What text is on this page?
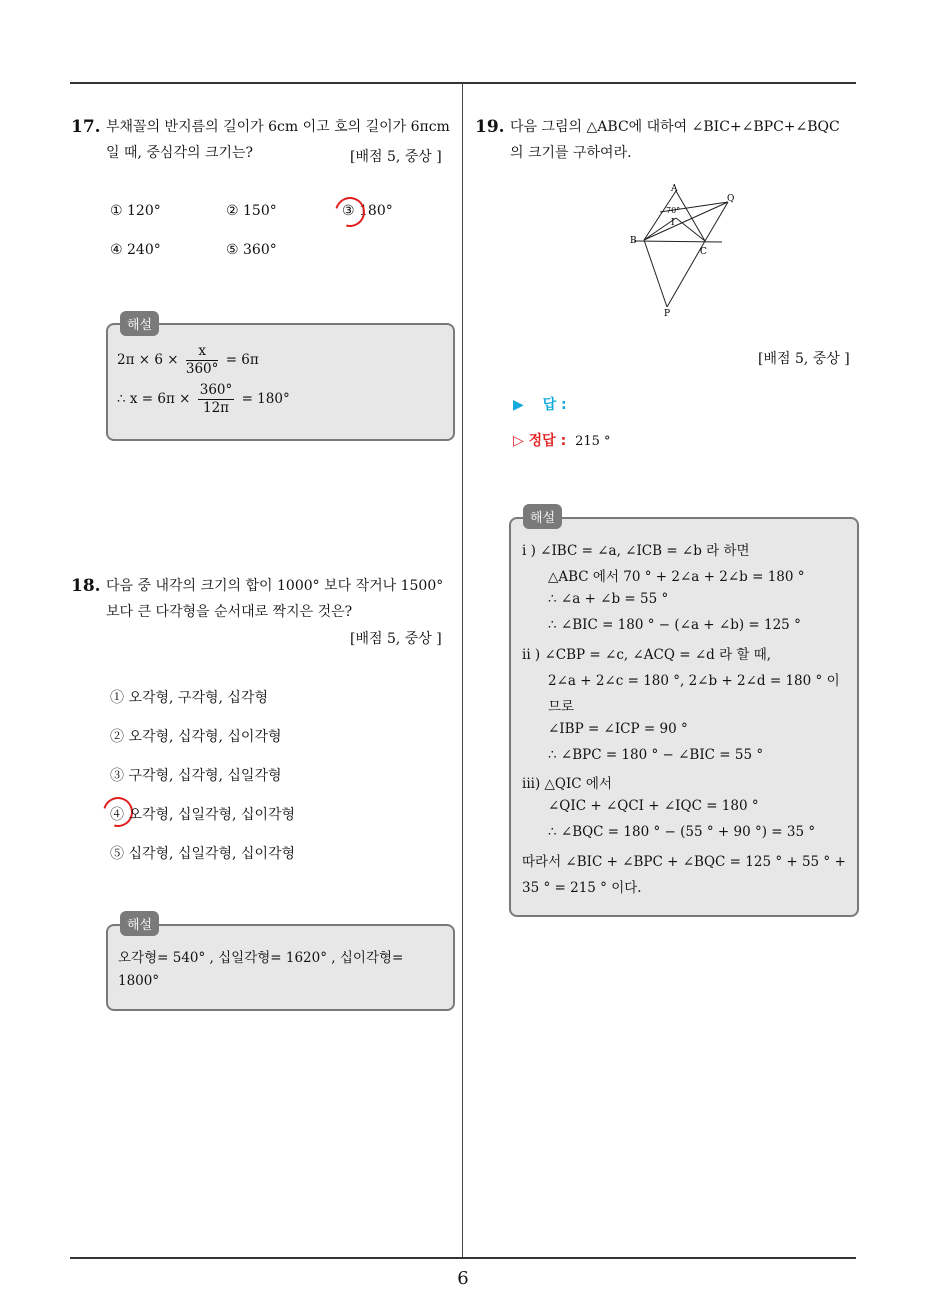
17. 부채꼴의 반지름의 길이가 6cm 이고 호의 길이가 6πcm
일 때, 중심각의 크기는?	[배점 5, 중상 ]
① 120°	② 150°	③ 180°
④ 240°	⑤ 360°
해설
$2\pi \times 6 \times \frac{x}{360^\circ} = 6\pi$
∴ $x = 6\pi \times \frac{360^\circ}{12\pi} = 180^\circ$
18. 다음 중 내각의 크기의 합이 1000° 보다 작거나 1500°
보다 큰 다각형을 순서대로 짝지은 것은?
[배점 5, 중상 ]
① 오각형, 구각형, 십각형
② 오각형, 십각형, 십이각형
③ 구각형, 십각형, 십일각형
④ 오각형, 십일각형, 십이각형
⑤ 십각형, 십일각형, 십이각형
해설
오각형= 540° , 십일각형= 1620° , 십이각형=
1800°
19. 다음 그림의 △ABC에 대하여 ∠BIC+∠BPC+∠BQC
의 크기를 구하여라.
A
Q
70°
I
B
C
P
[배점 5, 중상 ]
▶ 답 :
▷ 정답 : 215 °
해설
i ) ∠IBC = ∠a, ∠ICB = ∠b 라 하면
△ABC 에서 70 ° + 2∠a + 2∠b = 180 °
∴ ∠a + ∠b = 55 °
∴ ∠BIC = 180 ° − (∠a + ∠b) = 125 °
ii ) ∠CBP = ∠c, ∠ACQ = ∠d 라 할 때,
2∠a + 2∠c = 180 °, 2∠b + 2∠d = 180 ° 이
므로
∠IBP = ∠ICP = 90 °
∴ ∠BPC = 180 ° − ∠BIC = 55 °
iii) △QIC 에서
∠QIC + ∠QCI + ∠IQC = 180 °
∴ ∠BQC = 180 ° − (55 ° + 90 °) = 35 °
따라서 ∠BIC + ∠BPC + ∠BQC = 125 ° + 55 ° +
35 ° = 215 ° 이다.
6
